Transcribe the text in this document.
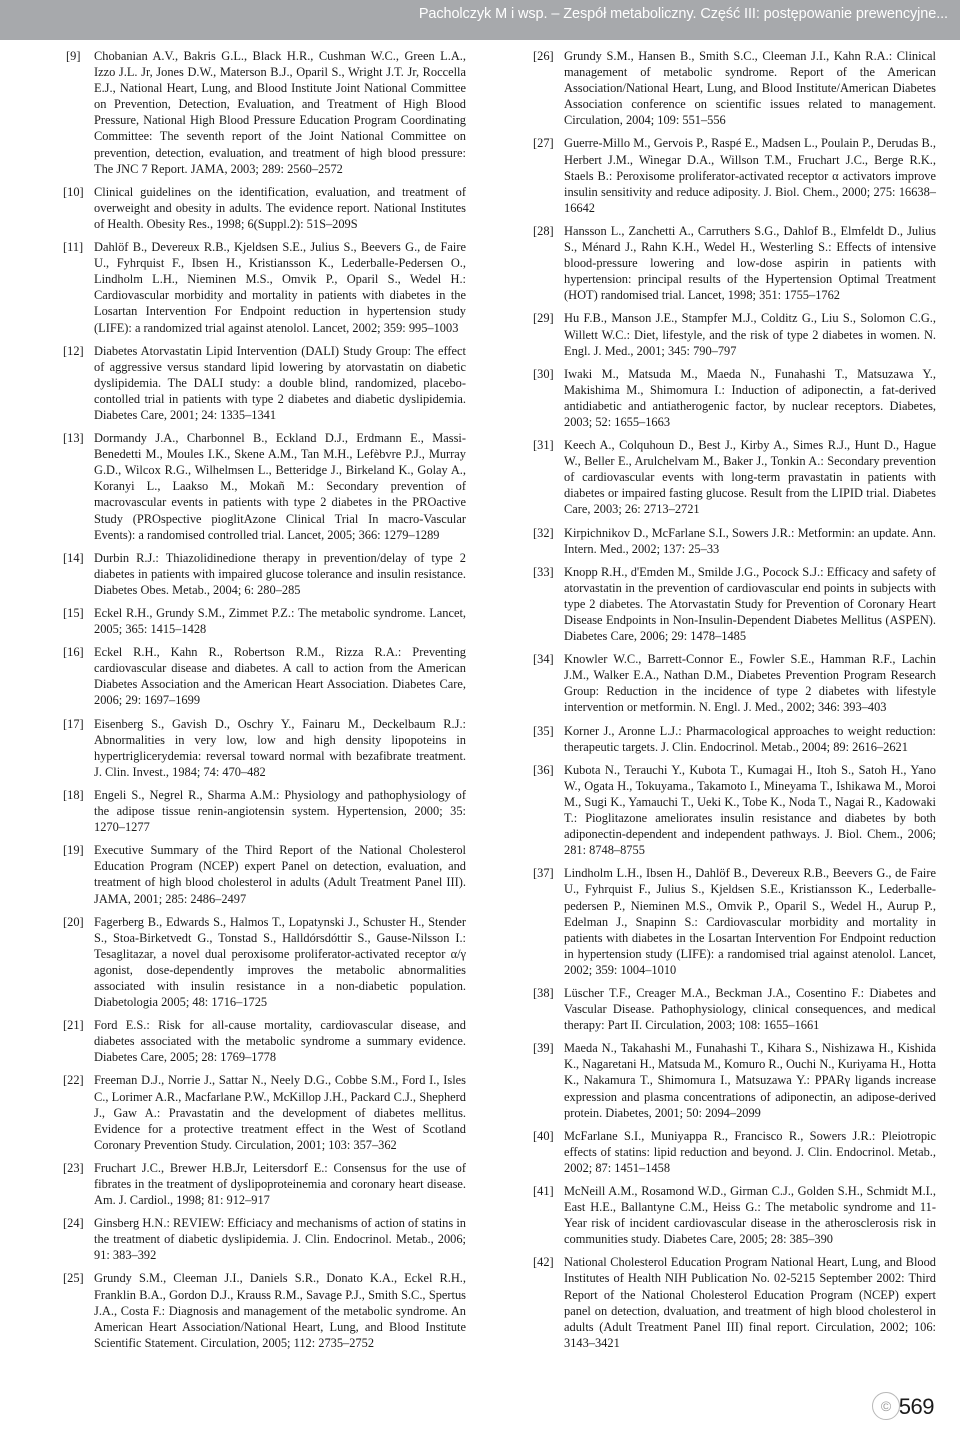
Pacholczyk M i wsp. – Zespół metaboliczny. Część III: postępowanie prewencyjne...
[9] Chobanian A.V., Bakris G.L., Black H.R., Cushman W.C., Green L.A., Izzo J.L. Jr, Jones D.W., Materson B.J., Oparil S., Wright J.T. Jr, Roccella E.J., National Heart, Lung, and Blood Institute Joint National Committee on Prevention, Detection, Evaluation, and Treatment of High Blood Pressure, National High Blood Pressure Education Program Coordinating Committee: The seventh report of the Joint National Committee on prevention, detection, evaluation, and treatment of high blood pressure: The JNC 7 Report. JAMA, 2003; 289: 2560–2572
[10] Clinical guidelines on the identification, evaluation, and treatment of overweight and obesity in adults. The evidence report. National Institutes of Health. Obesity Res., 1998; 6(Suppl.2): 51S–209S
[11] Dahlöf B., Devereux R.B., Kjeldsen S.E., Julius S., Beevers G., de Faire U., Fyhrquist F., Ibsen H., Kristiansson K., Lederballe-Pedersen O., Lindholm L.H., Nieminen M.S., Omvik P., Oparil S., Wedel H.: Cardiovascular morbidity and mortality in patients with diabetes in the Losartan Intervention For Endpoint reduction in hypertension study (LIFE): a randomized trial against atenolol. Lancet, 2002; 359: 995–1003
[12] Diabetes Atorvastatin Lipid Intervention (DALI) Study Group: The effect of aggressive versus standard lipid lowering by atorvastatin on diabetic dyslipidemia. The DALI study: a double blind, randomized, placebo-contolled trial in patients with type 2 diabetes and diabetic dyslipidemia. Diabetes Care, 2001; 24: 1335–1341
[13] Dormandy J.A., Charbonnel B., Eckland D.J., Erdmann E., Massi-Benedetti M., Moules I.K., Skene A.M., Tan M.H., Lefèbvre P.J., Murray G.D., Wilcox R.G., Wilhelmsen L., Betteridge J., Birkeland K., Golay A., Koranyi L., Laakso M., Mokañ M.: Secondary prevention of macrovascular events in patients with type 2 diabetes in the PROactive Study (PROspective pioglitAzone Clinical Trial In macro-Vascular Events): a randomised controlled trial. Lancet, 2005; 366: 1279–1289
[14] Durbin R.J.: Thiazolidinedione therapy in prevention/delay of type 2 diabetes in patients with impaired glucose tolerance and insulin resistance. Diabetes Obes. Metab., 2004; 6: 280–285
[15] Eckel R.H., Grundy S.M., Zimmet P.Z.: The metabolic syndrome. Lancet, 2005; 365: 1415–1428
[16] Eckel R.H., Kahn R., Robertson R.M., Rizza R.A.: Preventing cardiovascular disease and diabetes. A call to action from the American Diabetes Association and the American Heart Association. Diabetes Care, 2006; 29: 1697–1699
[17] Eisenberg S., Gavish D., Oschry Y., Fainaru M., Deckelbaum R.J.: Abnormalities in very low, low and high density lipopoteins in hypertriglicerydemia: reversal toward normal with bezafibrate treatment. J. Clin. Invest., 1984; 74: 470–482
[18] Engeli S., Negrel R., Sharma A.M.: Physiology and pathophysiology of the adipose tissue renin-angiotensin system. Hypertension, 2000; 35: 1270–1277
[19] Executive Summary of the Third Report of the National Cholesterol Education Program (NCEP) expert Panel on detection, evaluation, and treatment of high blood cholesterol in adults (Adult Treatment Panel III). JAMA, 2001; 285: 2486–2497
[20] Fagerberg B., Edwards S., Halmos T., Lopatynski J., Schuster H., Stender S., Stoa-Birketvedt G., Tonstad S., Halldórsdóttir S., Gause-Nilsson I.: Tesaglitazar, a novel dual peroxisome proliferator-activated receptor α/γ agonist, dose-dependently improves the metabolic abnormalities associated with insulin resistance in a non-diabetic population. Diabetologia 2005; 48: 1716–1725
[21] Ford E.S.: Risk for all-cause mortality, cardiovascular disease, and diabetes associated with the metabolic syndrome a summary evidence. Diabetes Care, 2005; 28: 1769–1778
[22] Freeman D.J., Norrie J., Sattar N., Neely D.G., Cobbe S.M., Ford I., Isles C., Lorimer A.R., Macfarlane P.W., McKillop J.H., Packard C.J., Shepherd J., Gaw A.: Pravastatin and the development of diabetes mellitus. Evidence for a protective treatment effect in the West of Scotland Coronary Prevention Study. Circulation, 2001; 103: 357–362
[23] Fruchart J.C., Brewer H.B.Jr, Leitersdorf E.: Consensus for the use of fibrates in the treatment of dyslipoproteinemia and coronary heart disease. Am. J. Cardiol., 1998; 81: 912–917
[24] Ginsberg H.N.: REVIEW: Efficiacy and mechanisms of action of statins in the treatment of diabetic dyslipidemia. J. Clin. Endocrinol. Metab., 2006; 91: 383–392
[25] Grundy S.M., Cleeman J.I., Daniels S.R., Donato K.A., Eckel R.H., Franklin B.A., Gordon D.J., Krauss R.M., Savage P.J., Smith S.C., Spertus J.A., Costa F.: Diagnosis and management of the metabolic syndrome. An American Heart Association/National Heart, Lung, and Blood Institute Scientific Statement. Circulation, 2005; 112: 2735–2752
[26] Grundy S.M., Hansen B., Smith S.C., Cleeman J.I., Kahn R.A.: Clinical management of metabolic syndrome. Report of the American Association/National Heart, Lung, and Blood Institute/American Diabetes Association conference on scientific issues related to management. Circulation, 2004; 109: 551–556
[27] Guerre-Millo M., Gervois P., Raspé E., Madsen L., Poulain P., Derudas B., Herbert J.M., Winegar D.A., Willson T.M., Fruchart J.C., Berge R.K., Staels B.: Peroxisome proliferator-activated receptor α activators improve insulin sensitivity and reduce adiposity. J. Biol. Chem., 2000; 275: 16638–16642
[28] Hansson L., Zanchetti A., Carruthers S.G., Dahlof B., Elmfeldt D., Julius S., Ménard J., Rahn K.H., Wedel H., Westerling S.: Effects of intensive blood-pressure lowering and low-dose aspirin in patients with hypertension: principal results of the Hypertension Optimal Treatment (HOT) randomised trial. Lancet, 1998; 351: 1755–1762
[29] Hu F.B., Manson J.E., Stampfer M.J., Colditz G., Liu S., Solomon C.G., Willett W.C.: Diet, lifestyle, and the risk of type 2 diabetes in women. N. Engl. J. Med., 2001; 345: 790–797
[30] Iwaki M., Matsuda M., Maeda N., Funahashi T., Matsuzawa Y., Makishima M., Shimomura I.: Induction of adiponectin, a fat-derived antidiabetic and antiatherogenic factor, by nuclear receptors. Diabetes, 2003; 52: 1655–1663
[31] Keech A., Colquhoun D., Best J., Kirby A., Simes R.J., Hunt D., Hague W., Beller E., Arulchelvam M., Baker J., Tonkin A.: Secondary prevention of cardiovascular events with long-term pravastatin in patients with diabetes or impaired fasting glucose. Result from the LIPID trial. Diabetes Care, 2003; 26: 2713–2721
[32] Kirpichnikov D., McFarlane S.I., Sowers J.R.: Metformin: an update. Ann. Intern. Med., 2002; 137: 25–33
[33] Knopp R.H., d'Emden M., Smilde J.G., Pocock S.J.: Efficacy and safety of atorvastatin in the prevention of cardiovascular end points in subjects with type 2 diabetes. The Atorvastatin Study for Prevention of Coronary Heart Disease Endpoints in Non-Insulin-Dependent Diabetes Mellitus (ASPEN). Diabetes Care, 2006; 29: 1478–1485
[34] Knowler W.C., Barrett-Connor E., Fowler S.E., Hamman R.F., Lachin J.M., Walker E.A., Nathan D.M., Diabetes Prevention Program Research Group: Reduction in the incidence of type 2 diabetes with lifestyle intervention or metformin. N. Engl. J. Med., 2002; 346: 393–403
[35] Korner J., Aronne L.J.: Pharmacological approaches to weight reduction: therapeutic targets. J. Clin. Endocrinol. Metab., 2004; 89: 2616–2621
[36] Kubota N., Terauchi Y., Kubota T., Kumagai H., Itoh S., Satoh H., Yano W., Ogata H., Tokuyama., Takamoto I., Mineyama T., Ishikawa M., Moroi M., Sugi K., Yamauchi T., Ueki K., Tobe K., Noda T., Nagai R., Kadowaki T.: Pioglitazone ameliorates insulin resistance and diabetes by both adiponectin-dependent and independent pathways. J. Biol. Chem., 2006; 281: 8748–8755
[37] Lindholm L.H., Ibsen H., Dahlöf B., Devereux R.B., Beevers G., de Faire U., Fyhrquist F., Julius S., Kjeldsen S.E., Kristiansson K., Lederballe-pedersen P., Nieminen M.S., Omvik P., Oparil S., Wedel H., Aurup P., Edelman J., Snapinn S.: Cardiovascular morbidity and mortality in patients with diabetes in the Losartan Intervention For Endpoint reduction in hypertension study (LIFE): a randomised trial against atenolol. Lancet, 2002; 359: 1004–1010
[38] Lüscher T.F., Creager M.A., Beckman J.A., Cosentino F.: Diabetes and Vascular Disease. Pathophysiology, clinical consequences, and medical therapy: Part II. Circulation, 2003; 108: 1655–1661
[39] Maeda N., Takahashi M., Funahashi T., Kihara S., Nishizawa H., Kishida K., Nagaretani H., Matsuda M., Komuro R., Ouchi N., Kuriyama H., Hotta K., Nakamura T., Shimomura I., Matsuzawa Y.: PPARγ ligands increase expression and plasma concentrations of adiponectin, an adipose-derived protein. Diabetes, 2001; 50: 2094–2099
[40] McFarlane S.I., Muniyappa R., Francisco R., Sowers J.R.: Pleiotropic effects of statins: lipid reduction and beyond. J. Clin. Endocrinol. Metab., 2002; 87: 1451–1458
[41] McNeill A.M., Rosamond W.D., Girman C.J., Golden S.H., Schmidt M.I., East H.E., Ballantyne C.M., Heiss G.: The metabolic syndrome and 11-Year risk of incident cardiovascular disease in the atherosclerosis risk in communities study. Diabetes Care, 2005; 28: 385–390
[42] National Cholesterol Education Program National Heart, Lung, and Blood Institutes of Health NIH Publication No. 02-5215 September 2002: Third Report of the National Cholesterol Education Program (NCEP) expert panel on detection, dvaluation, and treatment of high blood cholesterol in adults (Adult Treatment Panel III) final report. Circulation, 2002; 106: 3143–3421
© 569
